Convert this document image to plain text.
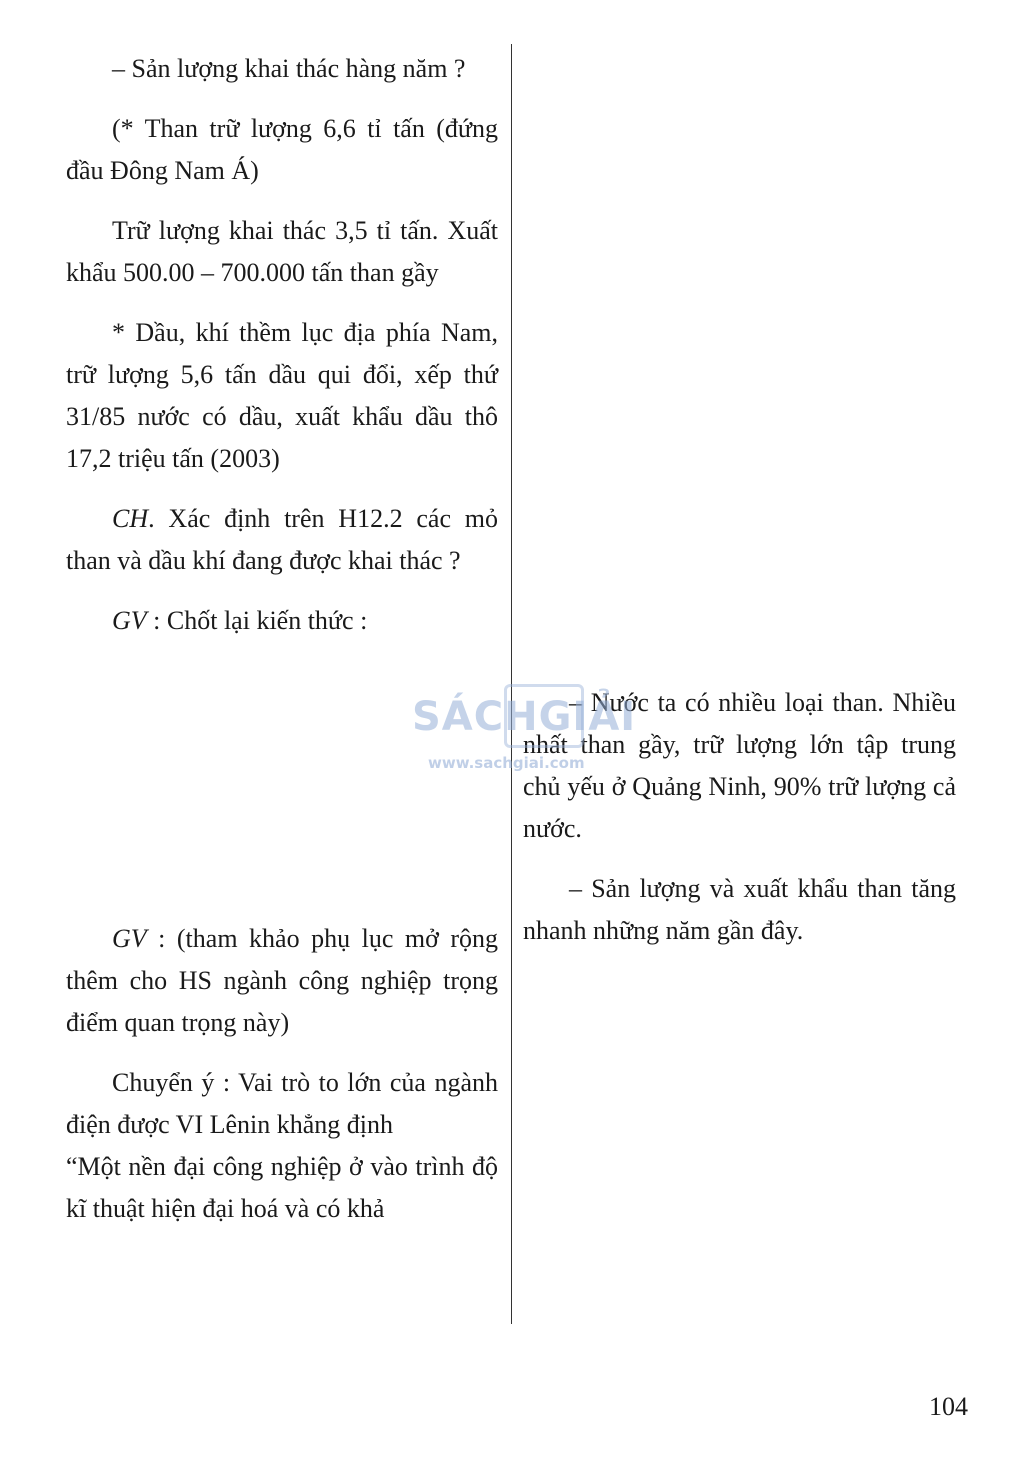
– Sản lượng khai thác hàng năm ?

(* Than trữ lượng 6,6 tỉ tấn (đứng đầu Đông Nam Á)

Trữ lượng khai thác 3,5 tỉ tấn. Xuất khẩu 500.00 – 700.000 tấn than gầy

* Dầu, khí thềm lục địa phía Nam, trữ lượng 5,6 tấn dầu qui đổi, xếp thứ 31/85 nước có dầu, xuất khẩu dầu thô 17,2 triệu tấn (2003)

CH. Xác định trên H12.2 các mỏ than và dầu khí đang được khai thác ?

GV : Chốt lại kiến thức :

GV : (tham khảo phụ lục mở rộng thêm cho HS ngành công nghiệp trọng điểm quan trọng này)

Chuyển ý : Vai trò to lớn của ngành điện được VI Lênin khẳng định

“Một nền đại công nghiệp ở vào trình độ kĩ thuật hiện đại hoá và có khả

– Nước ta có nhiều loại than. Nhiều nhất than gầy, trữ lượng lớn tập trung chủ yếu ở Quảng Ninh, 90% trữ lượng cả nước.

– Sản lượng và xuất khẩu than tăng nhanh những năm gần đây.

SÁCHGIẢI
www.sachgiai.com
104
